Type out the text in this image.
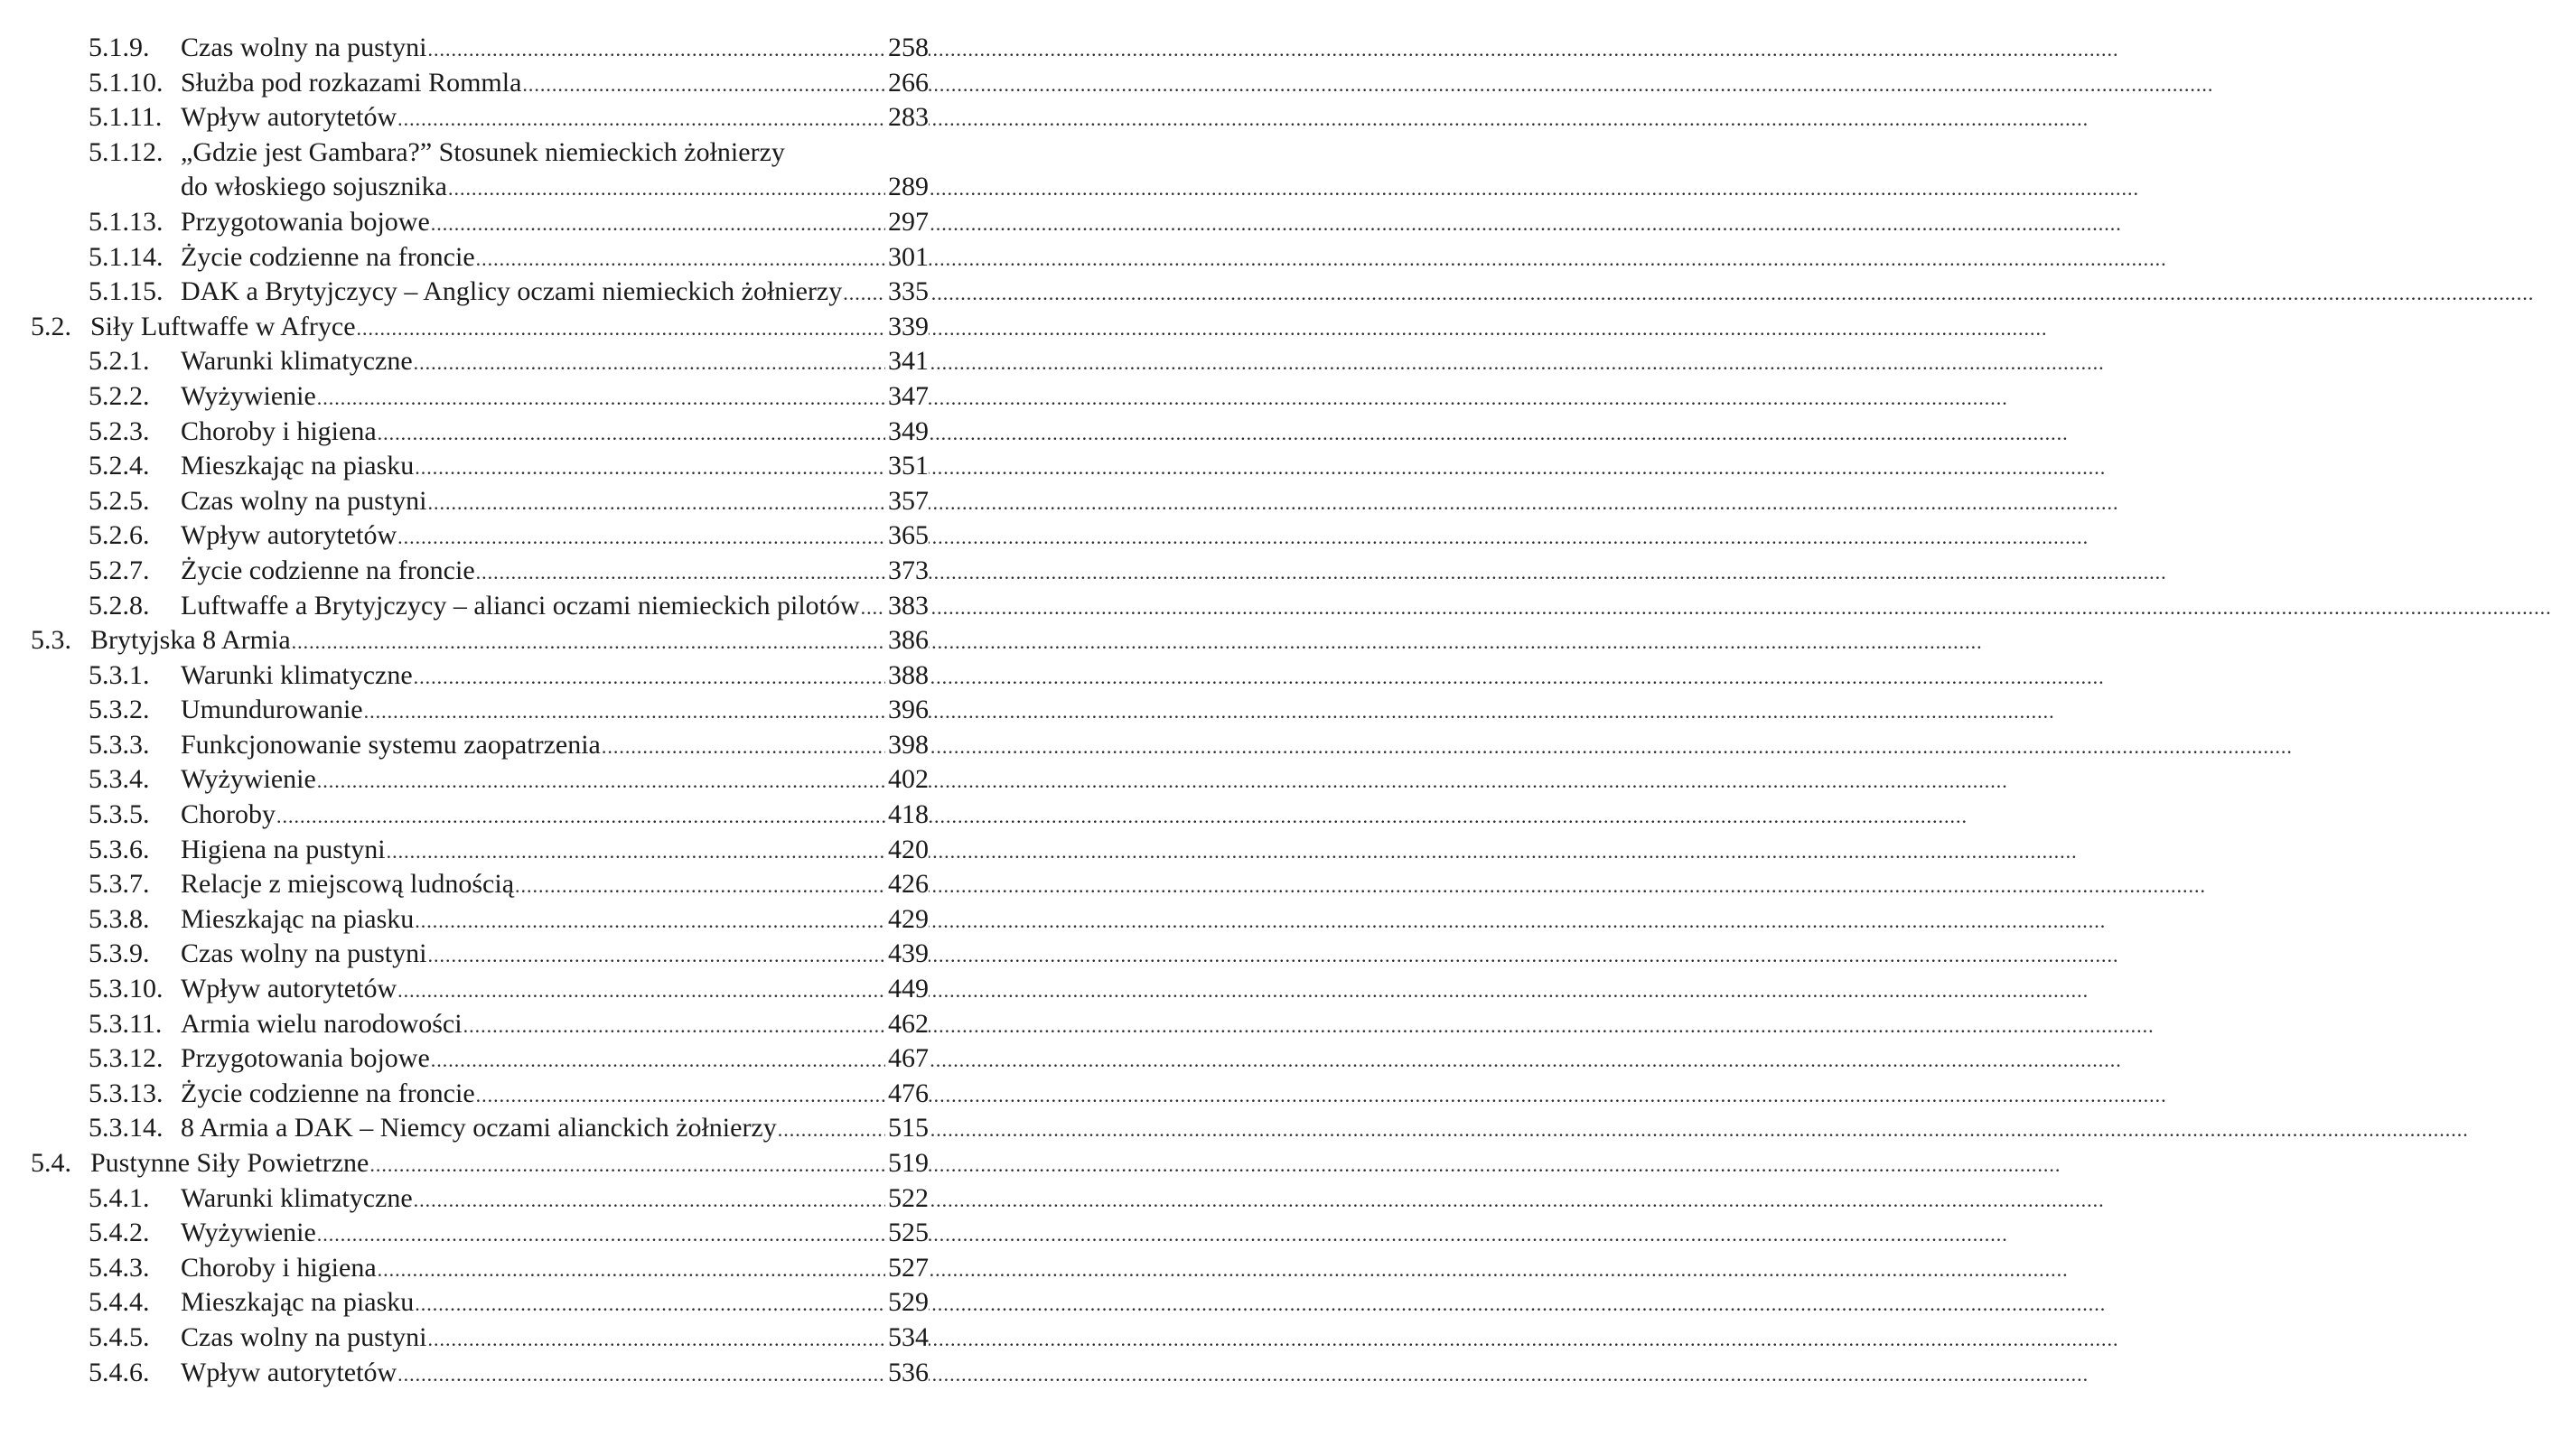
5.1.9. Czas wolny na pustyni .....	258
5.1.10. Służba pod rozkazami Rommla .....	266
5.1.11. Wpływ autorytetów .....	283
5.1.12. „Gdzie jest Gambara?” Stosunek niemieckich żołnierzy
do włoskiego sojusznika .....	289
5.1.13. Przygotowania bojowe .....	297
5.1.14. Życie codzienne na froncie .....	301
5.1.15. DAK a Brytyjczycy – Anglicy oczami niemieckich żołnierzy ..... 335
5.2. Siły Luftwaffe w Afryce .....	339
5.2.1. Warunki klimatyczne .....	341
5.2.2. Wyżywienie .....	347
5.2.3. Choroby i higiena .....	349
5.2.4. Mieszkając na piasku .....	351
5.2.5. Czas wolny na pustyni .....	357
5.2.6. Wpływ autorytetów .....	365
5.2.7. Życie codzienne na froncie .....	373
5.2.8. Luftwaffe a Brytyjczycy – alianci oczami niemieckich pilotów ..... 383
5.3. Brytyjska 8 Armia .....	386
5.3.1. Warunki klimatyczne .....	388
5.3.2. Umundurowanie .....	396
5.3.3. Funkcjonowanie systemu zaopatrzenia .....	398
5.3.4. Wyżywienie .....	402
5.3.5. Choroby .....	418
5.3.6. Higiena na pustyni .....	420
5.3.7. Relacje z miejscową ludnością .....	426
5.3.8. Mieszkając na piasku .....	429
5.3.9. Czas wolny na pustyni .....	439
5.3.10. Wpływ autorytetów .....	449
5.3.11. Armia wielu narodowości .....	462
5.3.12. Przygotowania bojowe .....	467
5.3.13. Życie codzienne na froncie .....	476
5.3.14. 8 Armia a DAK – Niemcy oczami alianckich żołnierzy .....	515
5.4. Pustynne Siły Powietrzne .....	519
5.4.1. Warunki klimatyczne .....	522
5.4.2. Wyżywienie .....	525
5.4.3. Choroby i higiena .....	527
5.4.4. Mieszkając na piasku .....	529
5.4.5. Czas wolny na pustyni .....	534
5.4.6. Wpływ autorytetów .....	536
